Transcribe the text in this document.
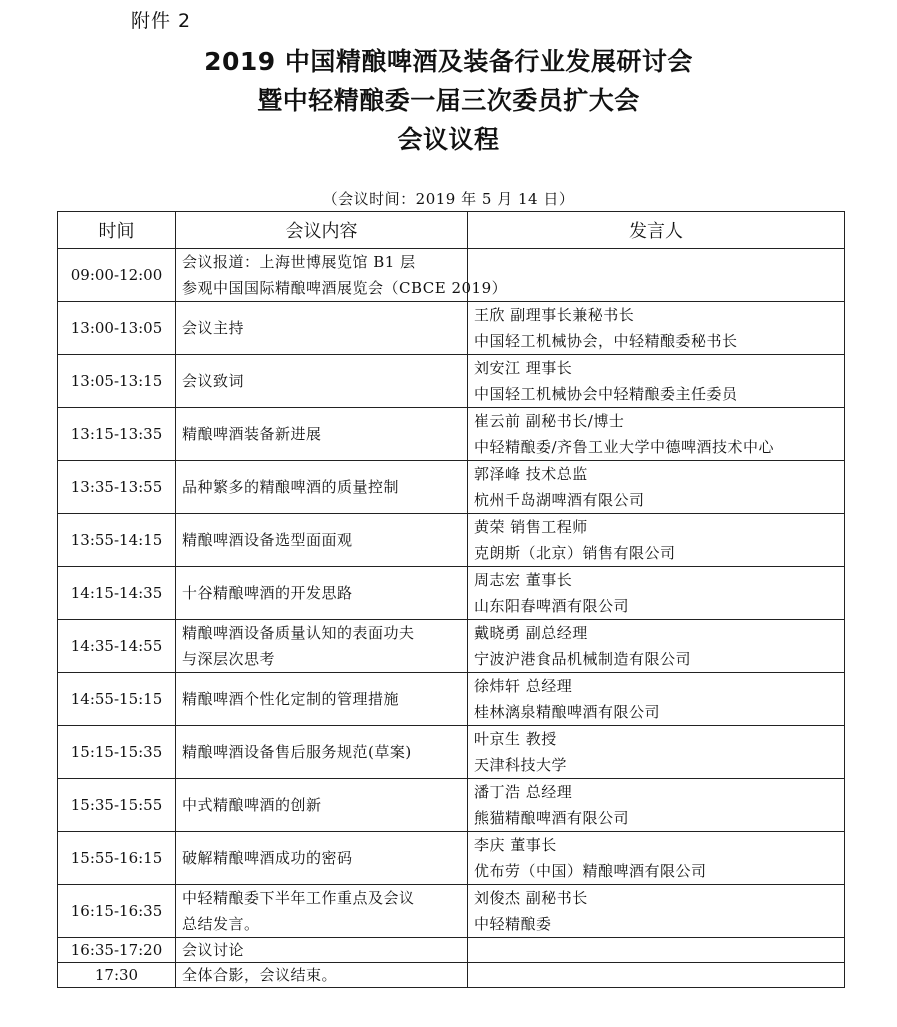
附件 2
2019 中国精酿啤酒及装备行业发展研讨会
暨中轻精酿委一届三次委员扩大会
会议议程
（会议时间：2019 年 5 月 14 日）
时间	会议内容	发言人
09:00-12:00	会议报道：上海世博展览馆 B1 层
参观中国国际精酿啤酒展览会（CBCE 2019）	

13:00-13:05	会议主持	王欣 副理事长兼秘书长
中国轻工机械协会，中轻精酿委秘书长

13:05-13:15	会议致词	刘安江 理事长
中国轻工机械协会中轻精酿委主任委员

13:15-13:35	精酿啤酒装备新进展	崔云前 副秘书长/博士
中轻精酿委/齐鲁工业大学中德啤酒技术中心

13:35-13:55	品种繁多的精酿啤酒的质量控制	郭泽峰 技术总监
杭州千岛湖啤酒有限公司

13:55-14:15	精酿啤酒设备选型面面观	黄荣 销售工程师
克朗斯（北京）销售有限公司

14:15-14:35	十谷精酿啤酒的开发思路	周志宏 董事长
山东阳春啤酒有限公司

14:35-14:55	精酿啤酒设备质量认知的表面功夫
与深层次思考	戴晓勇 副总经理
宁波沪港食品机械制造有限公司

14:55-15:15	精酿啤酒个性化定制的管理措施	徐炜轩 总经理
桂林漓泉精酿啤酒有限公司

15:15-15:35	精酿啤酒设备售后服务规范(草案)	叶京生 教授
天津科技大学

15:35-15:55	中式精酿啤酒的创新	潘丁浩 总经理
熊猫精酿啤酒有限公司

15:55-16:15	破解精酿啤酒成功的密码	李庆 董事长
优布劳（中国）精酿啤酒有限公司

16:15-16:35	中轻精酿委下半年工作重点及会议
总结发言。	刘俊杰 副秘书长
中轻精酿委

16:35-17:20	会议讨论	

17:30	全体合影，会议结束。	
